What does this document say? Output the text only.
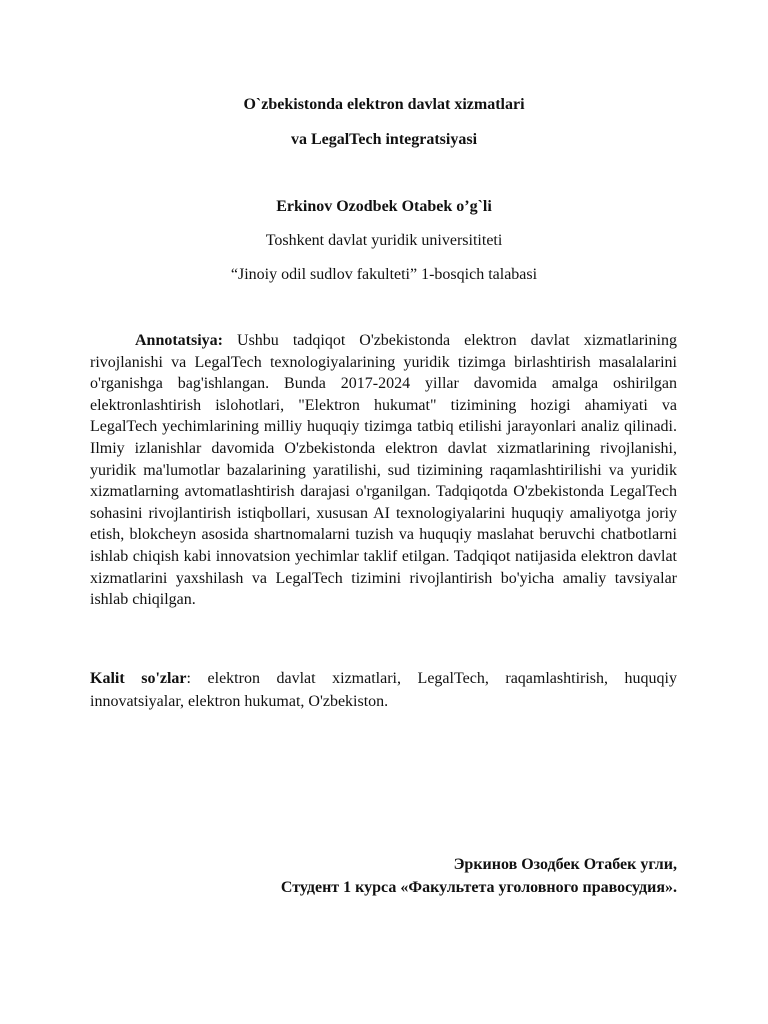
O`zbekistonda elektron davlat xizmatlari
va LegalTech integratsiyasi
Erkinov Ozodbek Otabek o’g`li
Toshkent davlat yuridik universititeti
“Jinoiy odil sudlov fakulteti” 1-bosqich talabasi

Annotatsiya: Ushbu tadqiqot O'zbekistonda elektron davlat xizmatlarining rivojlanishi va LegalTech texnologiyalarining yuridik tizimga birlashtirish masalalarini o'rganishga bag'ishlangan. Bunda 2017-2024 yillar davomida amalga oshirilgan elektronlashtirish islohotlari, "Elektron hukumat" tizimining hozigi ahamiyati va LegalTech yechimlarining milliy huquqiy tizimga tatbiq etilishi jarayonlari analiz qilinadi. Ilmiy izlanishlar davomida O'zbekistonda elektron davlat xizmatlarining rivojlanishi, yuridik ma'lumotlar bazalarining yaratilishi, sud tizimining raqamlashtirilishi va yuridik xizmatlarning avtomatlashtirish darajasi o'rganilgan. Tadqiqotda O'zbekistonda LegalTech sohasini rivojlantirish istiqbollari, xususan AI texnologiyalarini huquqiy amaliyotga joriy etish, blokcheyn asosida shartnomalarni tuzish va huquqiy maslahat beruvchi chatbotlarni ishlab chiqish kabi innovatsion yechimlar taklif etilgan. Tadqiqot natijasida elektron davlat xizmatlarini yaxshilash va LegalTech tizimini rivojlantirish bo'yicha amaliy tavsiyalar ishlab chiqilgan.

Kalit so'zlar: elektron davlat xizmatlari, LegalTech, raqamlashtirish, huquqiy innovatsiyalar, elektron hukumat, O'zbekiston.

Эркинов Озодбек Отабек угли,
Студент 1 курса «Факультета уголовного правосудия».
